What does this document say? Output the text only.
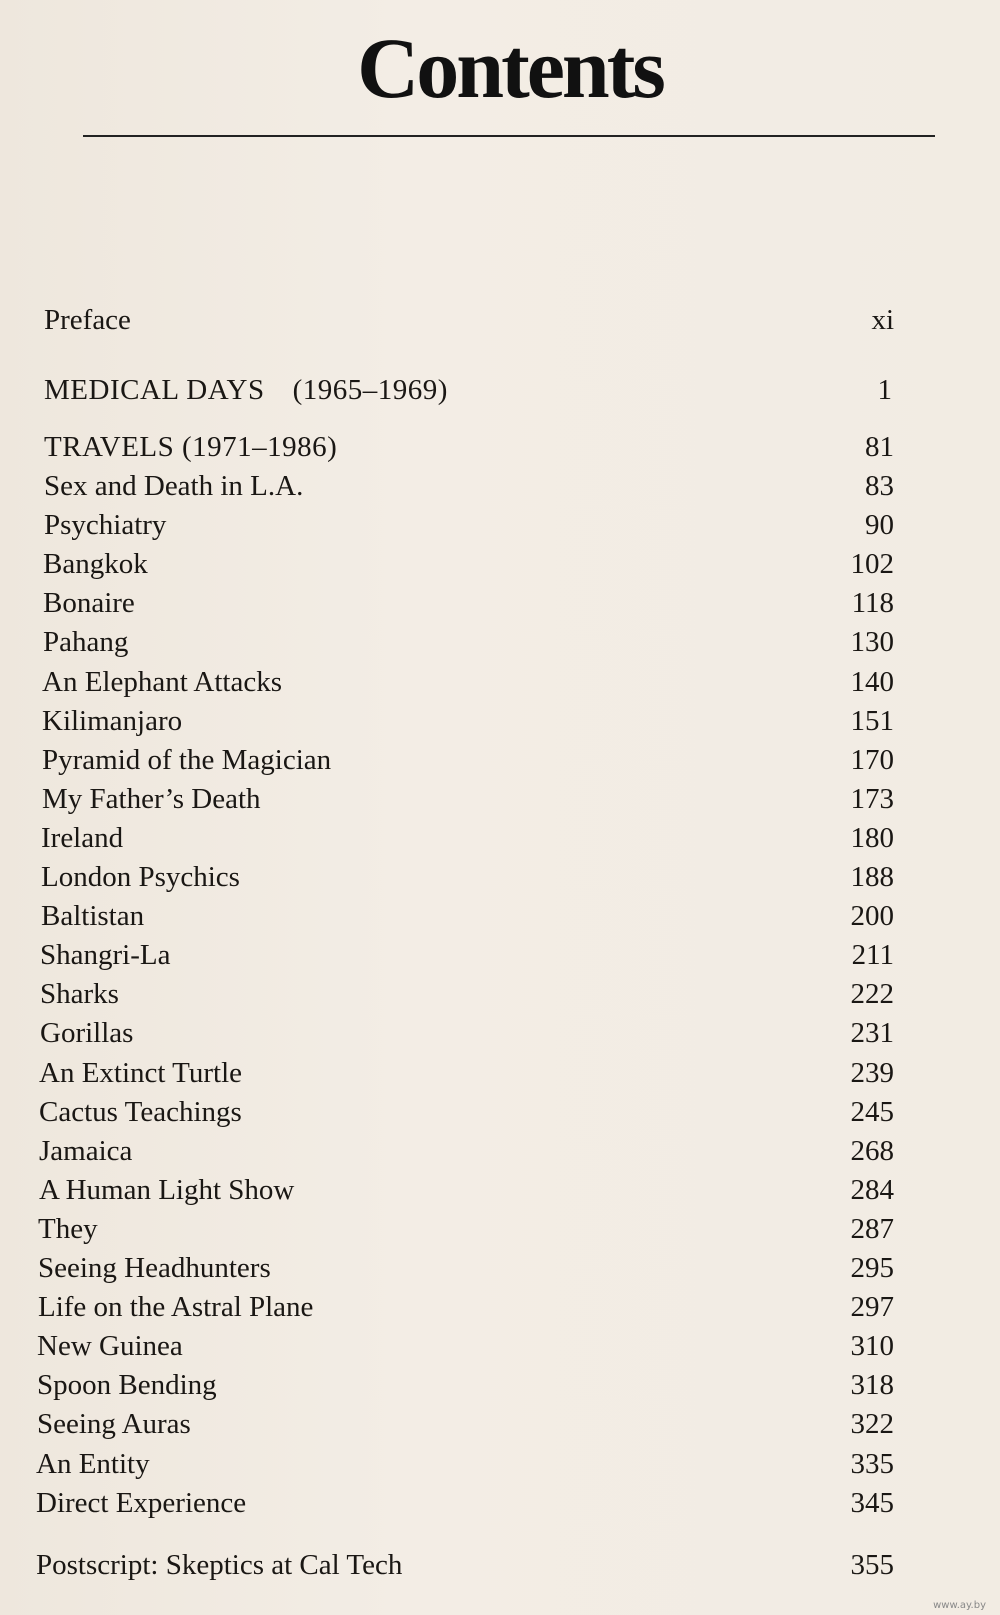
Contents
Preface	xi
MEDICAL DAYS (1965–1969)	1
TRAVELS (1971–1986)	81
Sex and Death in L.A.	83
Psychiatry	90
Bangkok	102
Bonaire	118
Pahang	130
An Elephant Attacks	140
Kilimanjaro	151
Pyramid of the Magician	170
My Father’s Death	173
Ireland	180
London Psychics	188
Baltistan	200
Shangri-La	211
Sharks	222
Gorillas	231
An Extinct Turtle	239
Cactus Teachings	245
Jamaica	268
A Human Light Show	284
They	287
Seeing Headhunters	295
Life on the Astral Plane	297
New Guinea	310
Spoon Bending	318
Seeing Auras	322
An Entity	335
Direct Experience	345
Postscript: Skeptics at Cal Tech	355
www.ay.by
